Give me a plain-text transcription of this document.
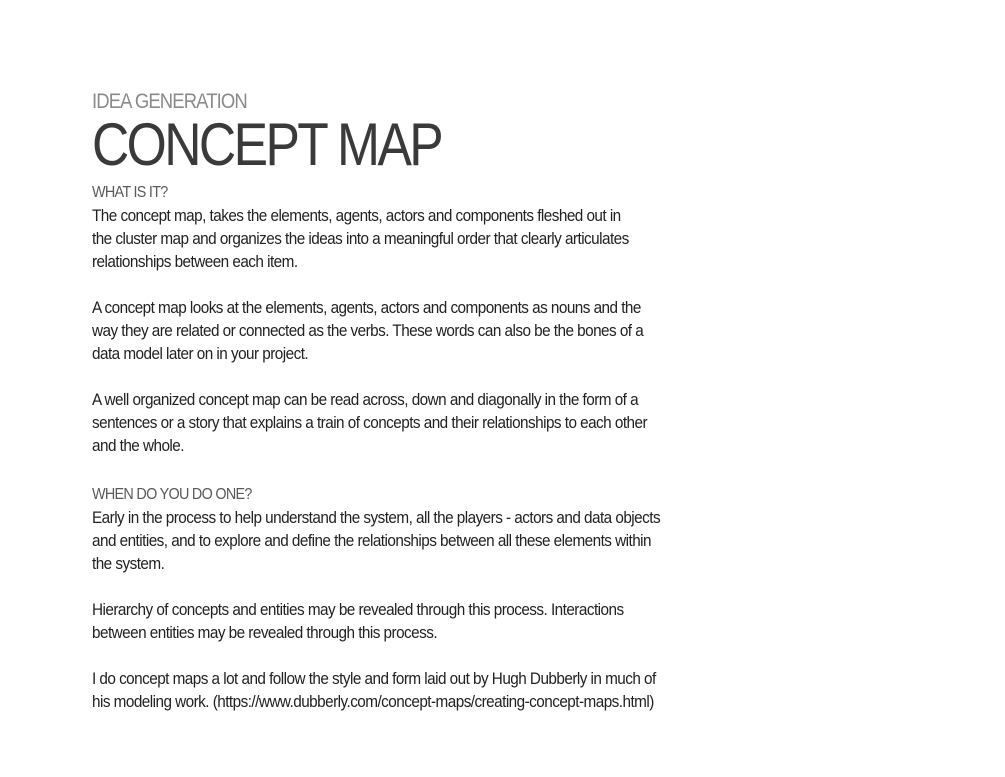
IDEA GENERATION
CONCEPT MAP
WHAT IS IT?

The concept map, takes the elements, agents, actors and components fleshed out in
the cluster map and organizes the ideas into a meaningful order that clearly articulates
relationships between each item.

A concept map looks at the elements, agents, actors and components as nouns and the
way they are related or connected as the verbs. These words can also be the bones of a
data model later on in your project.

A well organized concept map can be read across, down and diagonally in the form of a
sentences or a story that explains a train of concepts and their relationships to each other
and the whole.

WHEN DO YOU DO ONE?

Early in the process to help understand the system, all the players - actors and data objects
and entities, and to explore and define the relationships between all these elements within
the system.

Hierarchy of concepts and entities may be revealed through this process. Interactions
between entities may be revealed through this process.

I do concept maps a lot and follow the style and form laid out by Hugh Dubberly in much of
his modeling work. (https://www.dubberly.com/concept-maps/creating-concept-maps.html)
